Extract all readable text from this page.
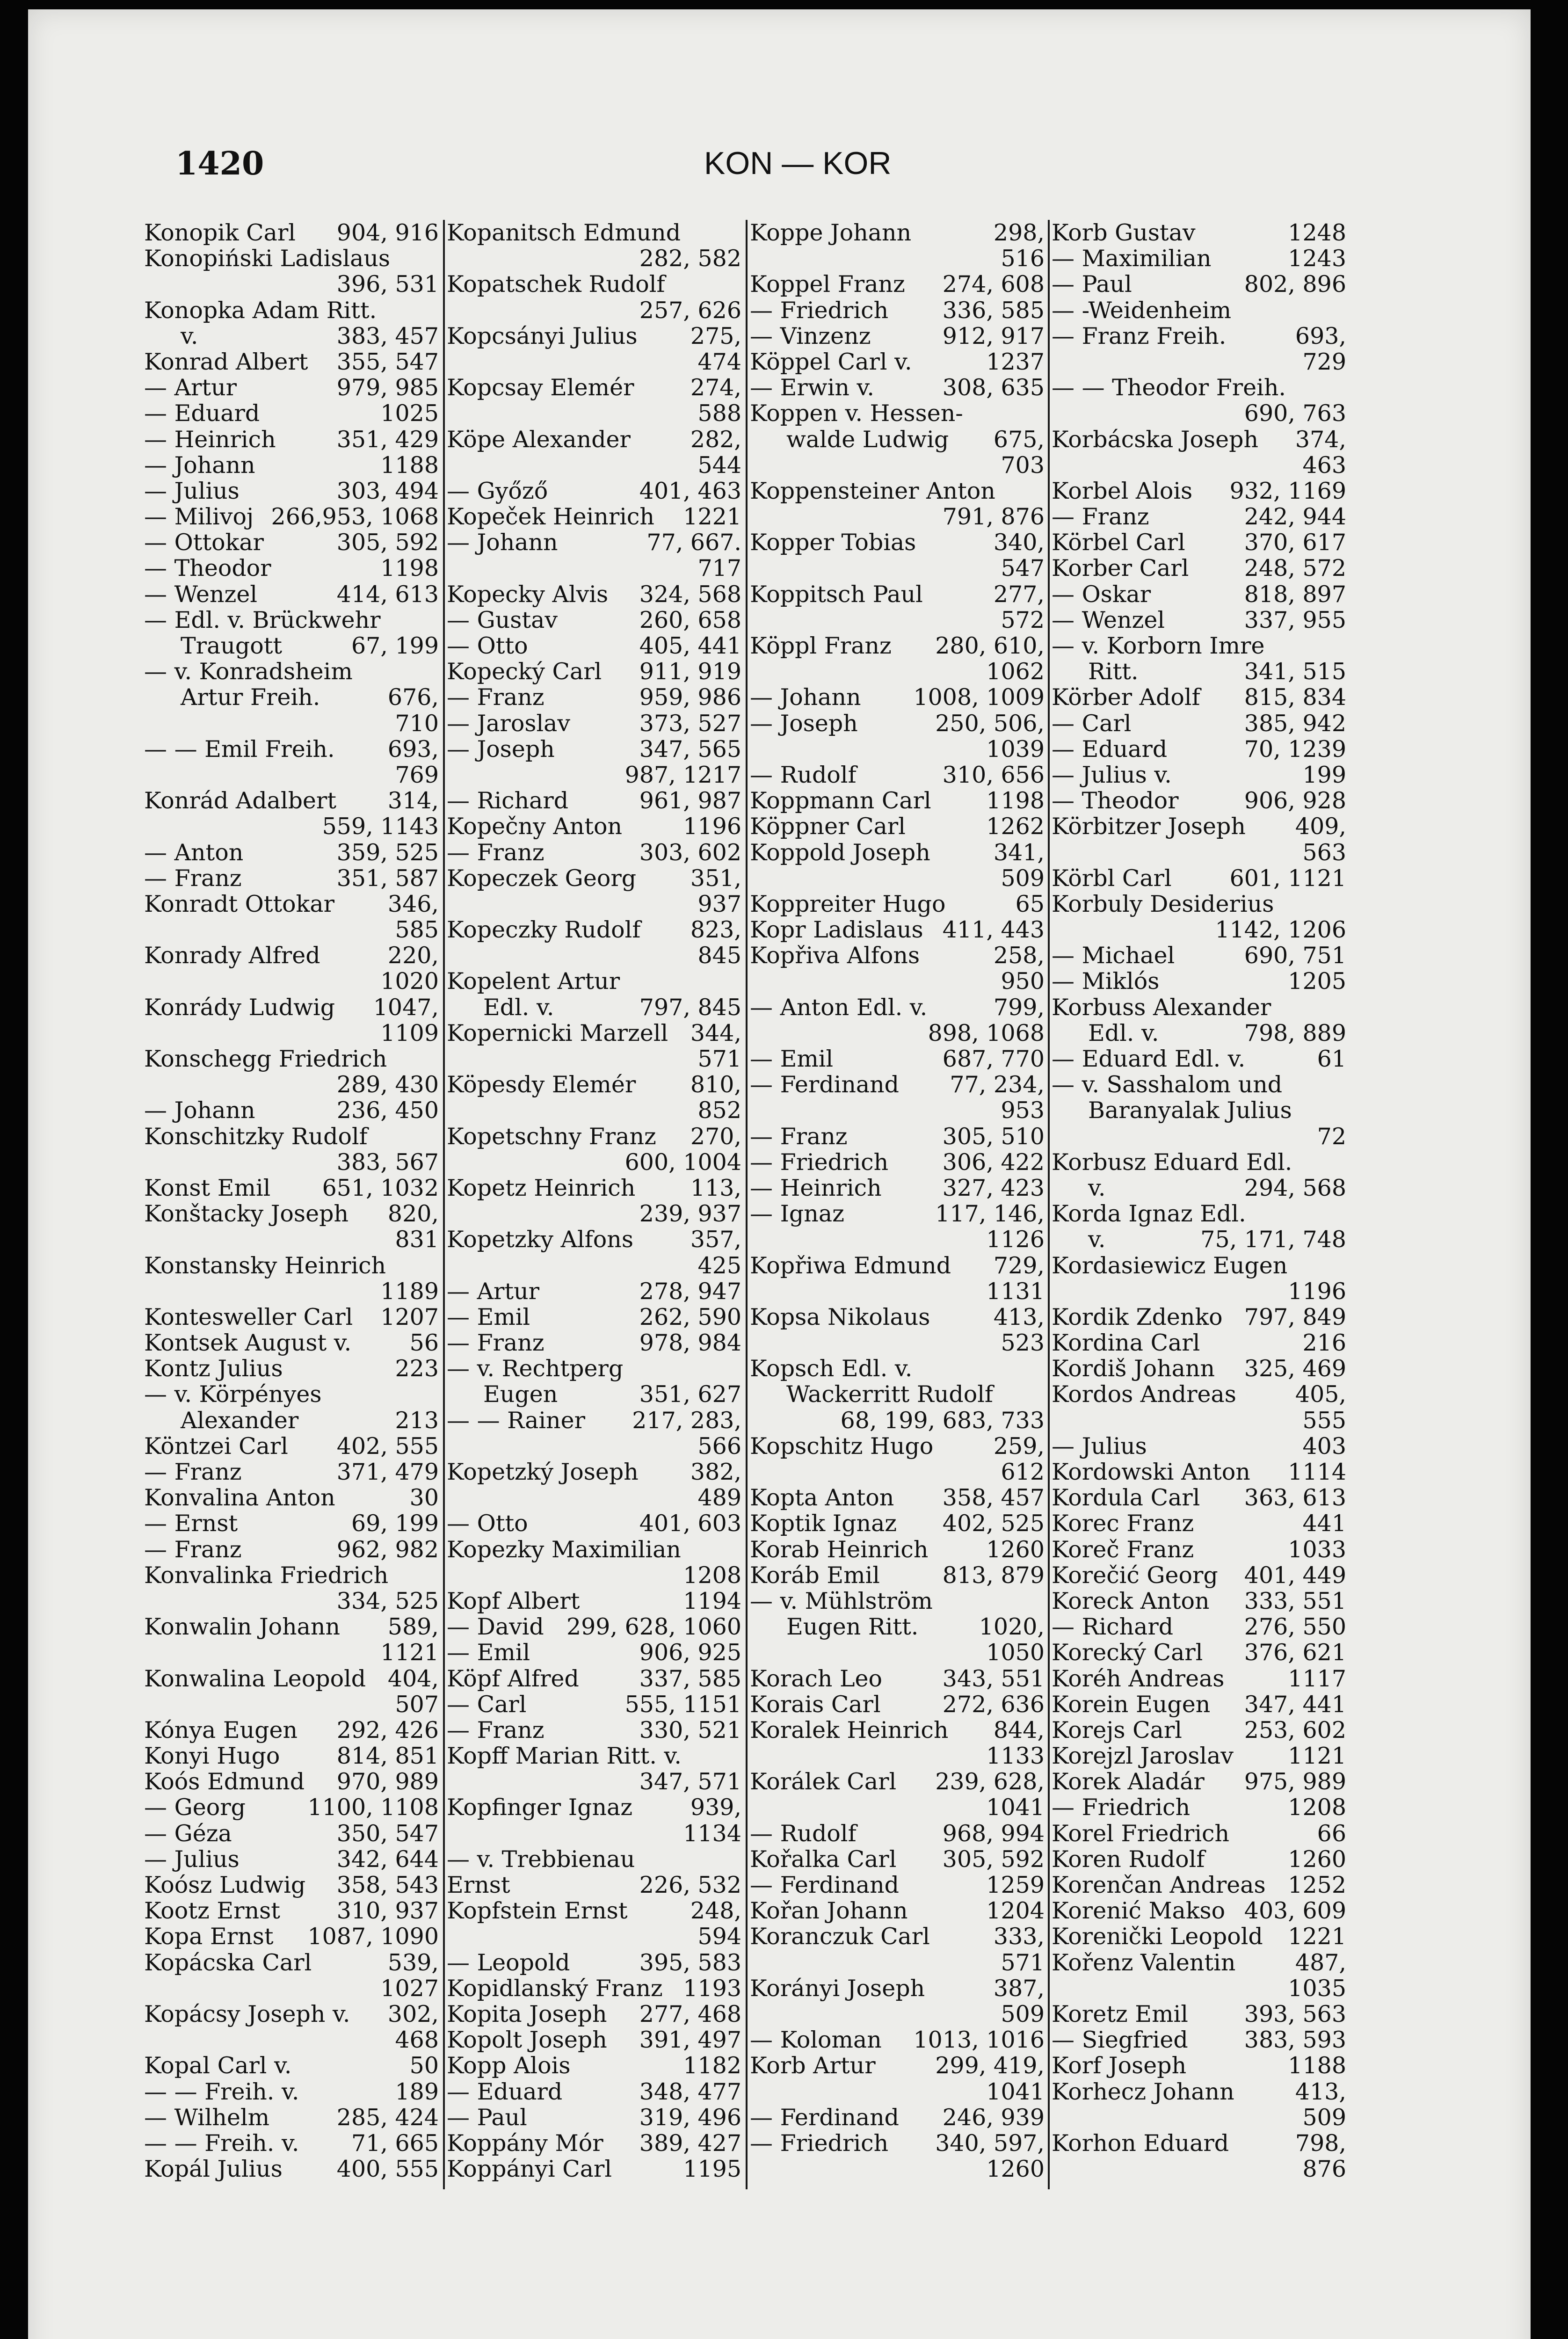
1420	KON — KOR
Konopik Carl 904, 916
Konopiński Ladislaus
396, 531
Konopka Adam Ritt.
v.	383, 457
Konrad Albert 355, 547
— Artur	979, 985
— Eduard	1025
— Heinrich	351, 429
— Johann	1188
— Julius	303, 494
— Milivoj 266,953, 1068
— Ottokar	305, 592
— Theodor	1198
— Wenzel	414, 613
— Edl. v. Brückwehr
Traugott	67, 199
— v. Konradsheim
Artur Freih.	676,
710
— — Emil Freih. 693,
769
Konrád Adalbert 314,
559, 1143
— Anton	359, 525
— Franz	351, 587
Konradt Ottokar 346,
585
Konrady Alfred	220,
1020
Konrády Ludwig 1047,
1109
Konschegg Friedrich
289, 430
— Johann	236, 450
Konschitzky Rudolf
383, 567
Konst Emil 651, 1032
Konštacky Joseph 820,
831
Konstansky Heinrich
1189
Kontesweller Carl 1207
Kontsek August v.	56
Kontz Julius	223
— v. Körpényes
Alexander	213
Köntzei Carl 402, 555
— Franz	371, 479
Konvalina Anton	30
— Ernst	69, 199
— Franz	962, 982
Konvalinka Friedrich
334, 525
Konwalin Johann 589,
1121
Konwalina Leopold 404,
507
Kónya Eugen 292, 426
Konyi Hugo 814, 851
Koós Edmund 970, 989
— Georg	1100, 1108
— Géza	350, 547
— Julius	342, 644
Koósz Ludwig 358, 543
Kootz Ernst 310, 937
Kopa Ernst 1087, 1090
Kopácska Carl	539,
1027
Kopácsy Joseph v. 302,
468
Kopal Carl v.	50
— — Freih. v.	189
— Wilhelm	285, 424
— — Freih. v. 71, 665
Kopál Julius 400, 555
Kopanitsch Edmund
282, 582
Kopatschek Rudolf
257, 626
Kopcsányi Julius 275,
474
Kopcsay Elemér 274,
588
Köpe Alexander	282,
544
— Győző	401, 463
Kopeček Heinrich 1221
— Johann	77, 667.
717
Kopecky Alvis 324, 568
— Gustav	260, 658
— Otto	405, 441
Kopecký Carl 911, 919
— Franz	959, 986
— Jaroslav	373, 527
— Joseph	347, 565
987, 1217
— Richard	961, 987
Kopečny Anton	1196
— Franz	303, 602
Kopeczek Georg 351,
937
Kopeczky Rudolf 823,
845
Kopelent Artur
Edl. v.	797, 845
Kopernicki Marzell 344,
571
Köpesdy Elemér 810,
852
Kopetschny Franz 270,
600, 1004
Kopetz Heinrich 113,
239, 937
Kopetzky Alfons 357,
425
— Artur	278, 947
— Emil	262, 590
— Franz	978, 984
— v. Rechtperg
Eugen	351, 627
— — Rainer 217, 283,
566
Kopetzký Joseph 382,
489
— Otto	401, 603
Kopezky Maximilian
1208
Kopf Albert	1194
— David 299, 628, 1060
— Emil	906, 925
Köpf Alfred	337, 585
— Carl	555, 1151
— Franz	330, 521
Kopff Marian Ritt. v.
347, 571
Kopfinger Ignaz	939,
1134
— v. Trebbienau
Ernst	226, 532
Kopfstein Ernst	248,
594
— Leopold	395, 583
Kopidlanský Franz 1193
Kopita Joseph 277, 468
Kopolt Joseph 391, 497
Kopp Alois	1182
— Eduard	348, 477
— Paul	319, 496
Koppány Mór 389, 427
Koppányi Carl	1195
Koppe Johann	298,
516
Koppel Franz 274, 608
— Friedrich 336, 585
— Vinzenz	912, 917
Köppel Carl v.	1237
— Erwin v.	308, 635
Koppen v. Hessen-
walde Ludwig 675,
703
Koppensteiner Anton
791, 876
Kopper Tobias	340,
547
Koppitsch Paul	277,
572
Köppl Franz 280, 610,
1062
— Johann 1008, 1009
— Joseph	250, 506,
1039
— Rudolf	310, 656
Koppmann Carl 1198
Köppner Carl	1262
Koppold Joseph	341,
509
Koppreiter Hugo	65
Kopr Ladislaus 411, 443
Kopřiva Alfons	258,
950
— Anton Edl. v.	799,
898, 1068
— Emil	687, 770
— Ferdinand 77, 234,
953
— Franz	305, 510
— Friedrich 306, 422
— Heinrich	327, 423
— Ignaz	117, 146,
1126
Kopřiwa Edmund 729,
1131
Kopsa Nikolaus	413,
523
Kopsch Edl. v.
Wackerritt Rudolf
68, 199, 683, 733
Kopschitz Hugo	259,
612
Kopta Anton 358, 457
Koptik Ignaz 402, 525
Korab Heinrich	1260
Koráb Emil	813, 879
— v. Mühlström
Eugen Ritt.	1020,
1050
Korach Leo	343, 551
Korais Carl	272, 636
Koralek Heinrich 844,
1133
Korálek Carl 239, 628,
1041
— Rudolf	968, 994
Kořalka Carl 305, 592
— Ferdinand	1259
Kořan Johann	1204
Koranczuk Carl	333,
571
Korányi Joseph	387,
509
— Koloman 1013, 1016
Korb Artur	299, 419,
1041
— Ferdinand 246, 939
— Friedrich 340, 597,
1260
Korb Gustav	1248
— Maximilian	1243
— Paul	802, 896
— -Weidenheim
— Franz Freih.	693,
729
— — Theodor Freih.
690, 763
Korbácska Joseph 374,
463
Korbel Alois 932, 1169
— Franz	242, 944
Körbel Carl	370, 617
Korber Carl 248, 572
— Oskar	818, 897
— Wenzel	337, 955
— v. Korborn Imre
Ritt.	341, 515
Körber Adolf 815, 834
— Carl	385, 942
— Eduard	70, 1239
— Julius v.	199
— Theodor	906, 928
Körbitzer Joseph 409,
563
Körbl Carl	601, 1121
Korbuly Desiderius
1142, 1206
— Michael	690, 751
— Miklós	1205
Korbuss Alexander
Edl. v.	798, 889
— Eduard Edl. v.	61
— v. Sasshalom und
Baranyalak Julius
72
Korbusz Eduard Edl.
v.	294, 568
Korda Ignaz Edl.
v.	75, 171, 748
Kordasiewicz Eugen
1196
Kordik Zdenko 797, 849
Kordina Carl	216
Kordiš Johann 325, 469
Kordos Andreas	405,
555
— Julius	403
Kordowski Anton 1114
Kordula Carl 363, 613
Korec Franz	441
Koreč Franz	1033
Korečić Georg 401, 449
Koreck Anton 333, 551
— Richard	276, 550
Korecký Carl 376, 621
Koréh Andreas	1117
Korein Eugen 347, 441
Korejs Carl	253, 602
Korejzl Jaroslav 1121
Korek Aladár 975, 989
— Friedrich	1208
Korel Friedrich	66
Koren Rudolf	1260
Korenčan Andreas 1252
Korenić Makso 403, 609
Korenički Leopold 1221
Kořenz Valentin	487,
1035
Koretz Emil 393, 563
— Siegfried 383, 593
Korf Joseph	1188
Korhecz Johann	413,
509
Korhon Eduard	798,
876
